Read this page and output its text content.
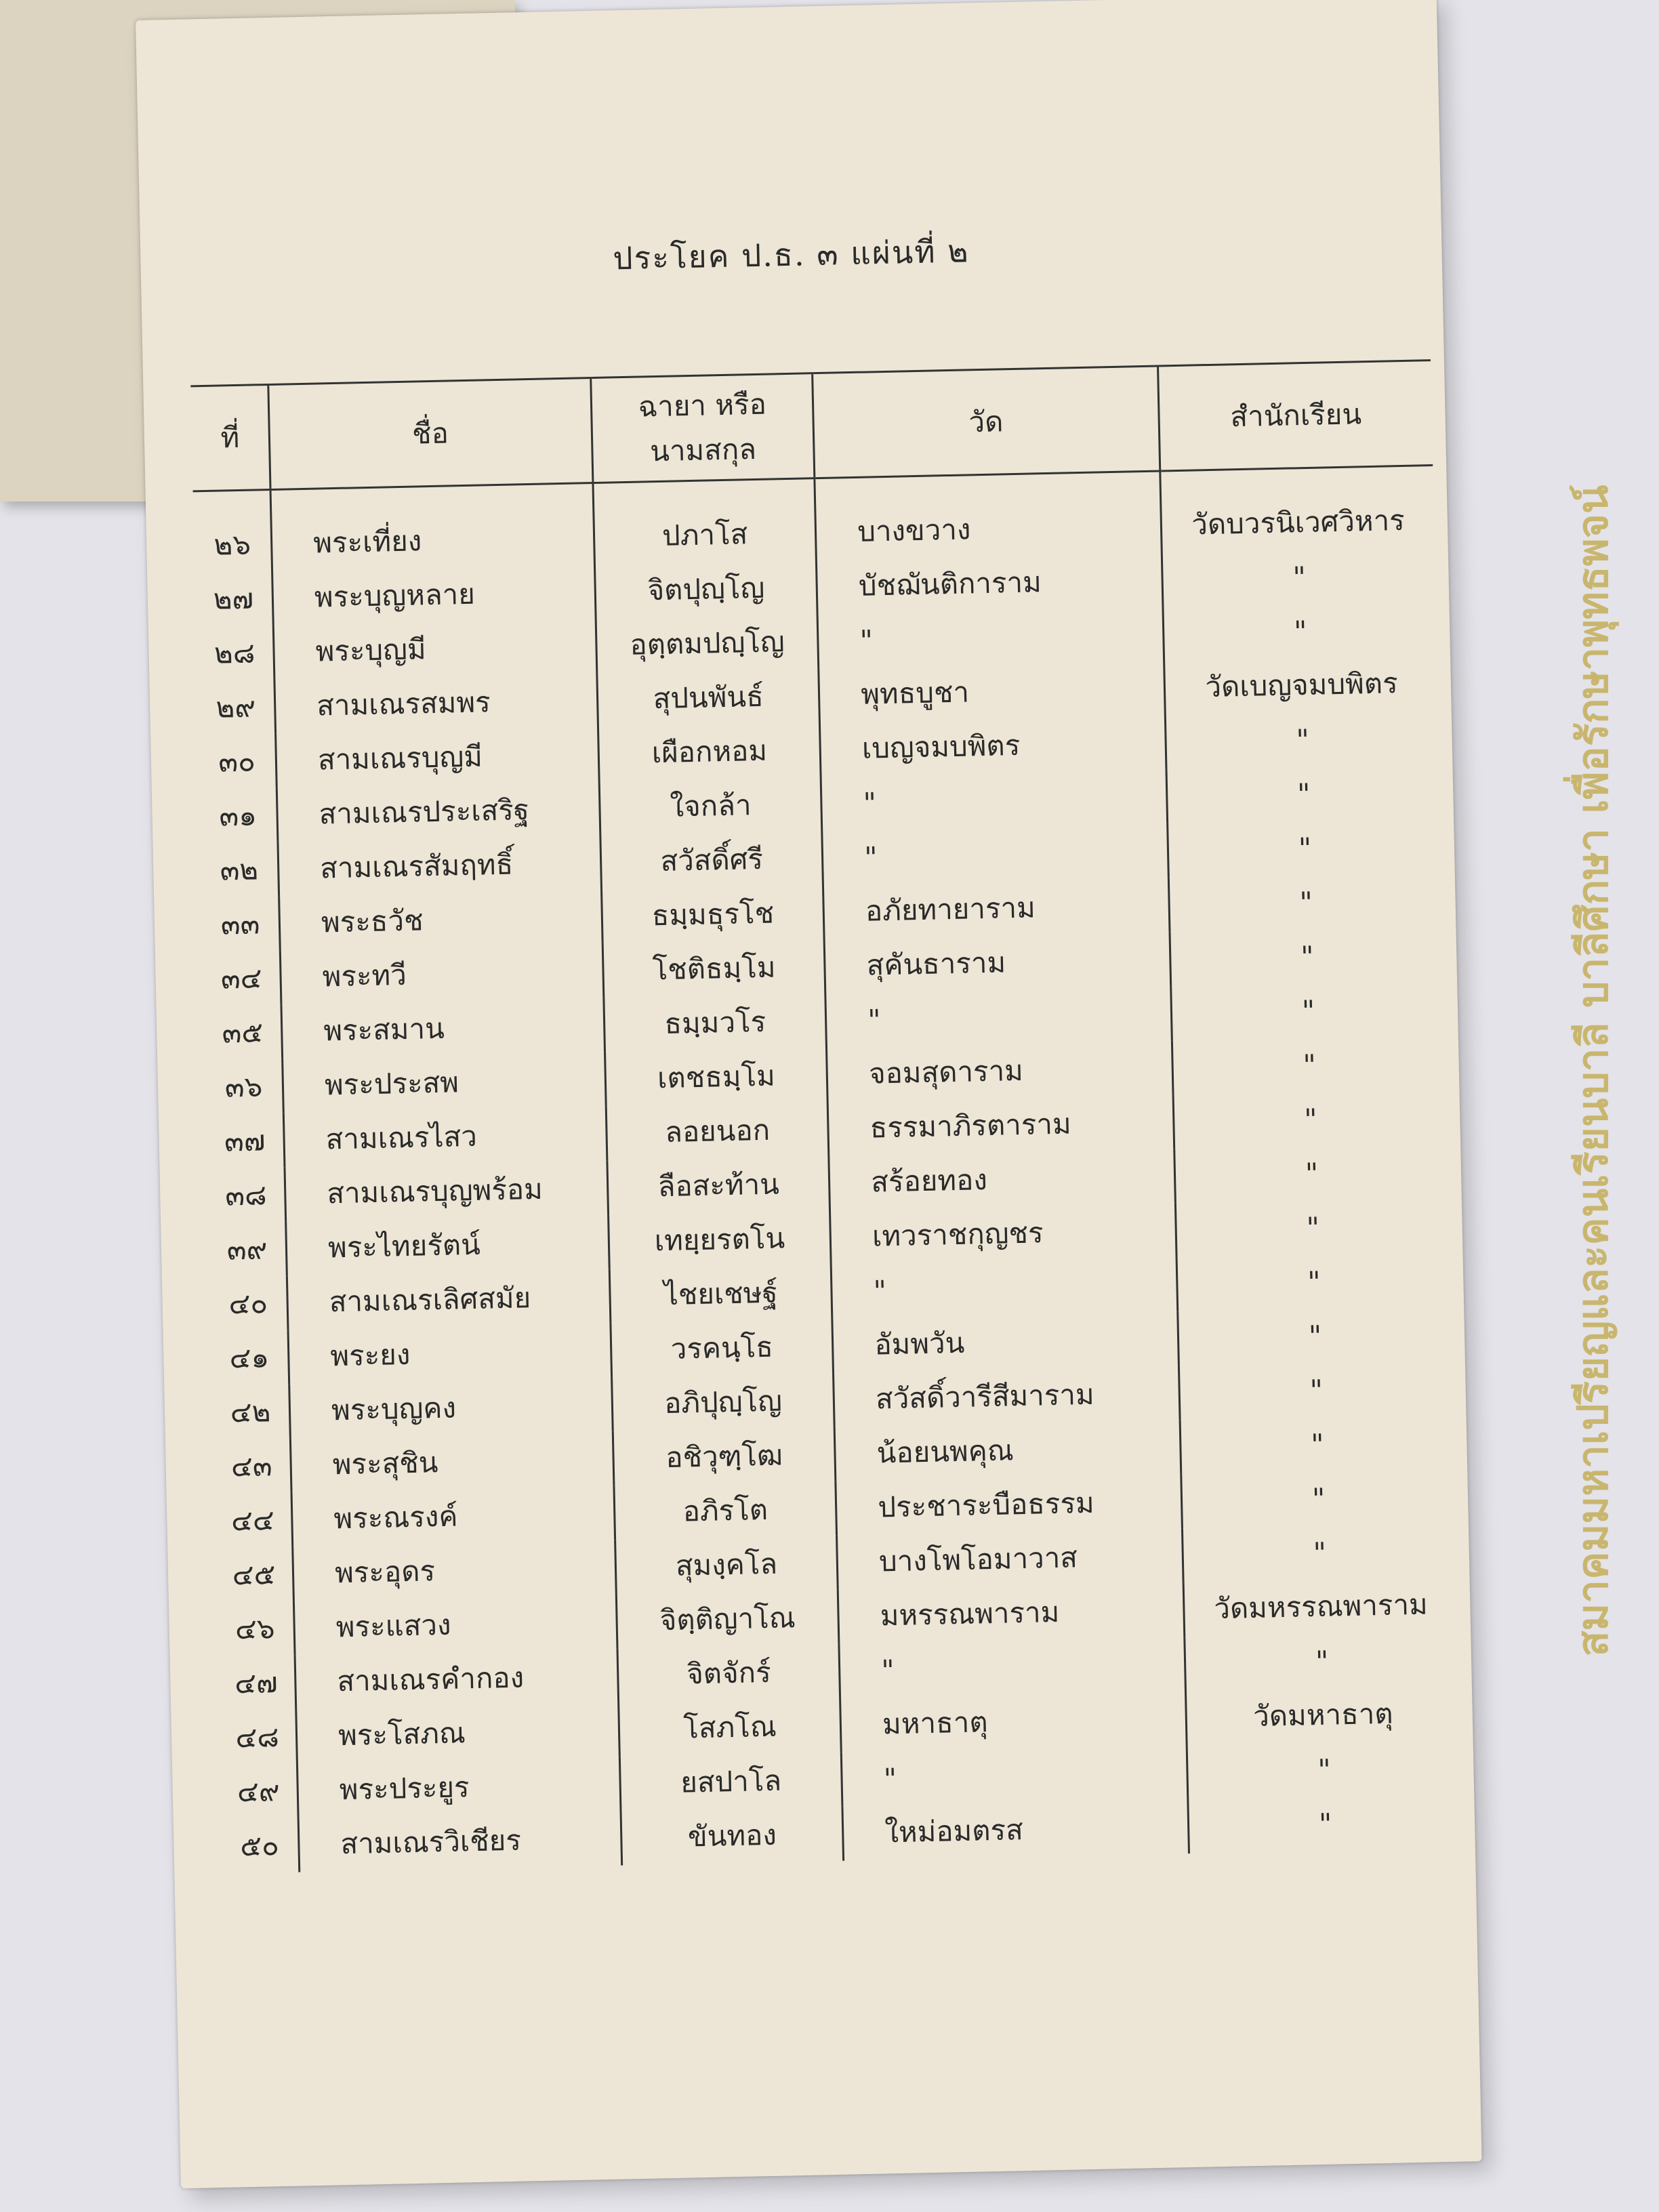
ประโยค ป.ธ. ๓ แผ่นที่ ๒
ที่	ชื่อ	ฉายา หรือนามสกุล	วัด	สำนักเรียน
๒๖	พระเที่ยง	ปภาโส	บางขวาง	วัดบวรนิเวศวิหาร
๒๗	พระบุญหลาย	จิตปุญฺโญ	บัชฌันติการาม	"
๒๘	พระบุญมี	อุตฺตมปญฺโญ	"	"
๒๙	สามเณรสมพร	สุปนพันธ์	พุทธบูชา	วัดเบญจมบพิตร
๓๐	สามเณรบุญมี	เผือกหอม	เบญจมบพิตร	"
๓๑	สามเณรประเสริฐ	ใจกล้า	"	"
๓๒	สามเณรสัมฤทธิ์	สวัสดิ์ศรี	"	"
๓๓	พระธวัช	ธมฺมธุรโช	อภัยทายาราม	"
๓๔	พระทวี	โชติธมฺโม	สุคันธาราม	"
๓๕	พระสมาน	ธมฺมวโร	"	"
๓๖	พระประสพ	เตชธมฺโม	จอมสุดาราม	"
๓๗	สามเณรไสว	ลอยนอก	ธรรมาภิรตาราม	"
๓๘	สามเณรบุญพร้อม	ลือสะท้าน	สร้อยทอง	"
๓๙	พระไทยรัตน์	เทยฺยรตโน	เทวราชกุญชร	"
๔๐	สามเณรเลิศสมัย	ไชยเชษฐ์	"	"
๔๑	พระยง	วรคนฺโธ	อัมพวัน	"
๔๒	พระบุญคง	อภิปุญฺโญ	สวัสดิ์วารีสีมาราม	"
๔๓	พระสุชิน	อชิวุฑฺโฒ	น้อยนพคุณ	"
๔๔	พระณรงค์	อภิรโต	ประชาระบือธรรม	"
๔๕	พระอุดร	สุมงฺคโล	บางโพโอมาวาส	"
๔๖	พระแสวง	จิตฺติญาโณ	มหรรณพาราม	วัดมหรรณพาราม
๔๗	สามเณรคำกอง	จิตจักร์	"	"
๔๘	พระโสภณ	โสภโณ	มหาธาตุ	วัดมหาธาตุ
๔๙	พระประยูร	ยสปาโล	"	"
๕๐	สามเณรวิเชียร	ขันทอง	ใหม่อมตรส	"
สมาคมมหาเปรียญและคนเรียนบาลี บาลีศึกษา เพื่อรักษาพุทธพจน์
